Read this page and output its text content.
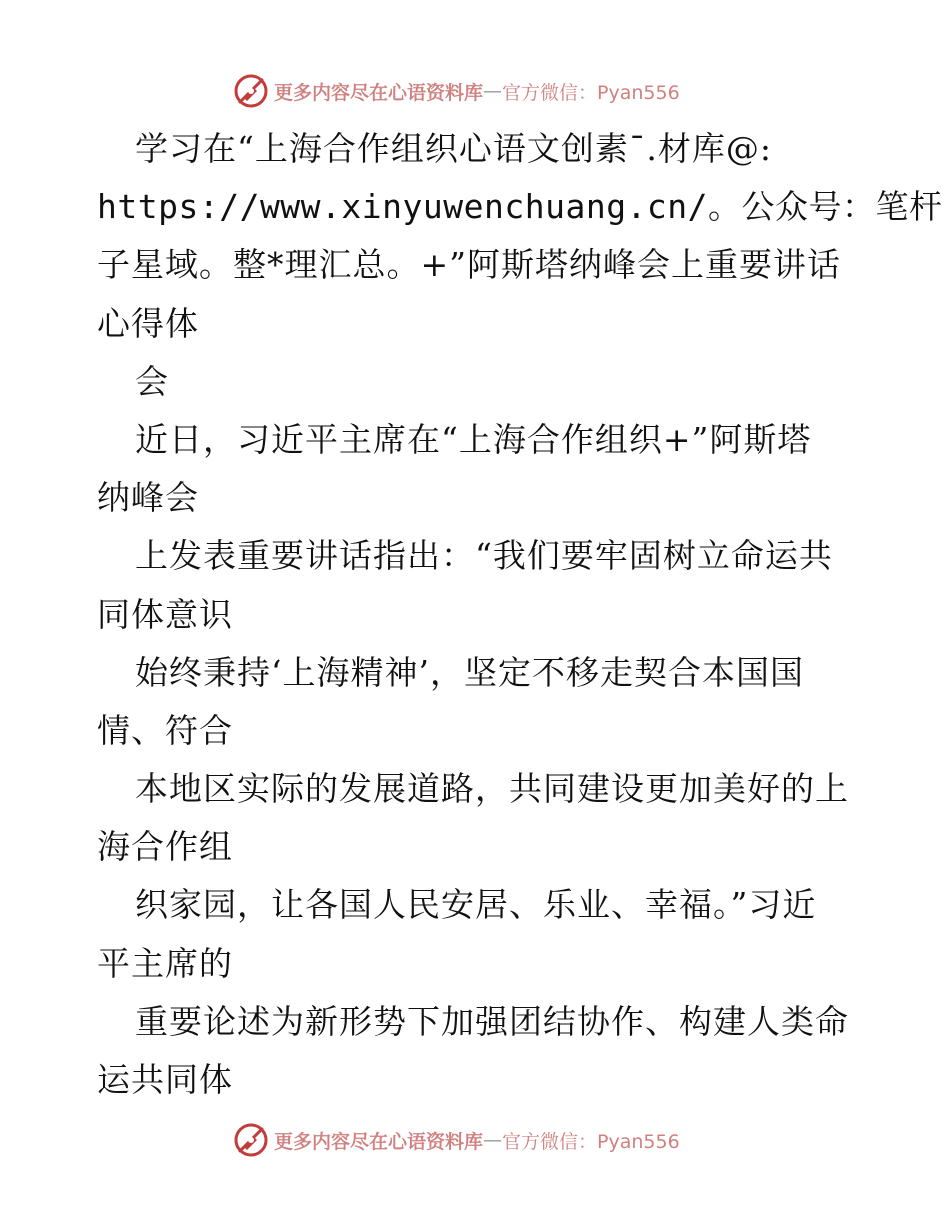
更多内容尽在心语资料库 — 官方微信：Pyan556
学习在“上海合作组织心语文创素¯.材库@:
https://www.xinyuwenchuang.cn/。公众号：笔杆
子星域。整*理汇总。+”阿斯塔纳峰会上重要讲话
心得体
会
近日，习近平主席在“上海合作组织+”阿斯塔
纳峰会
上发表重要讲话指出：“我们要牢固树立命运共
同体意识
始终秉持‘上海精神’，坚定不移走契合本国国
情、符合
本地区实际的发展道路，共同建设更加美好的上
海合作组
织家园，让各国人民安居、乐业、幸福。”习近
平主席的
重要论述为新形势下加强团结协作、构建人类命
运共同体
更多内容尽在心语资料库 — 官方微信：Pyan556
